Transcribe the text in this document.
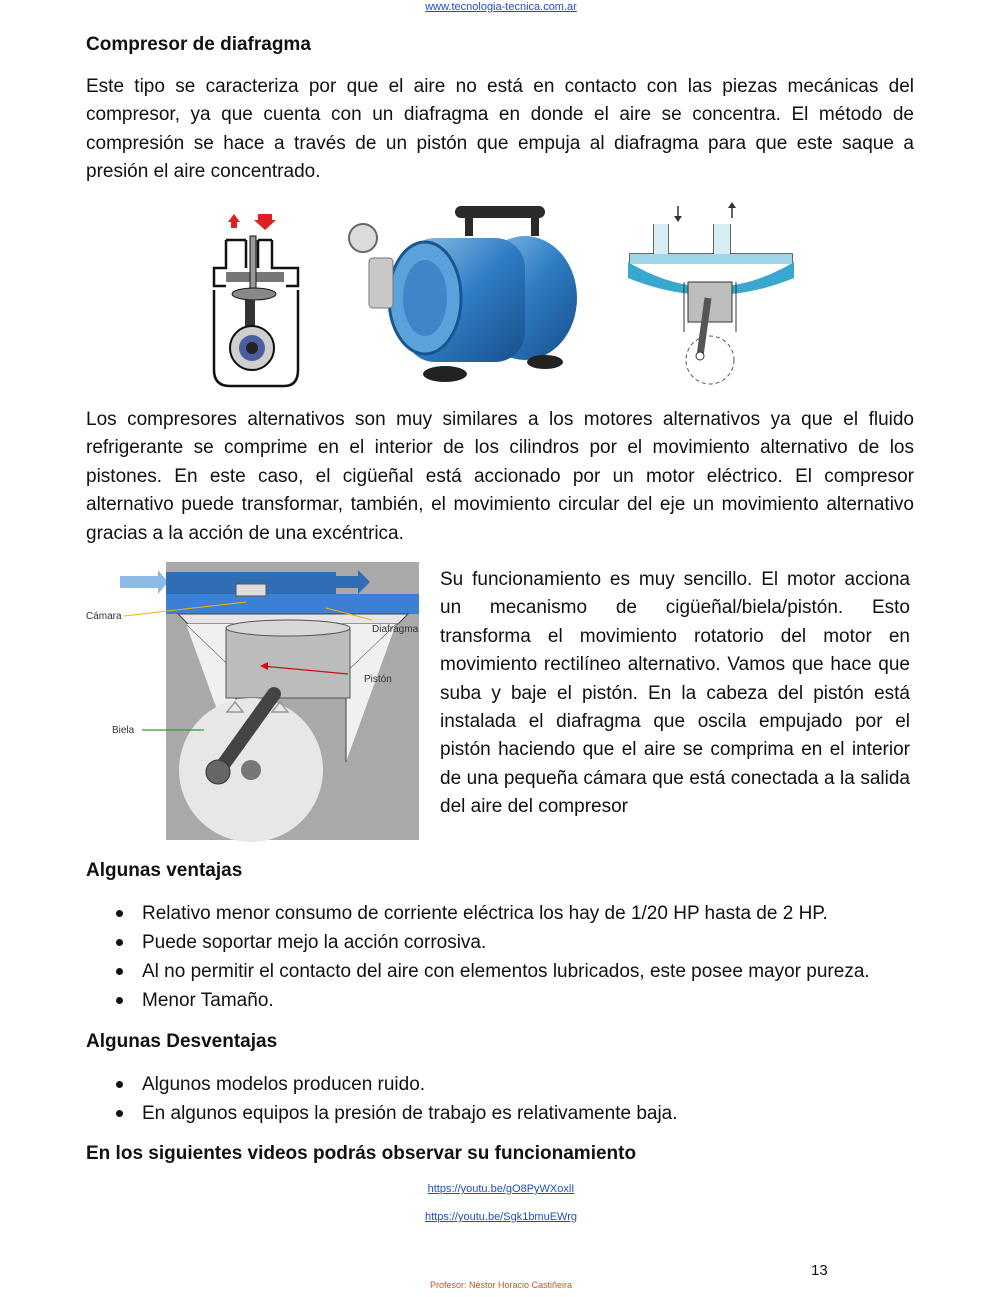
www.tecnologia-tecnica.com.ar
Compresor de diafragma

Este tipo se caracteriza por que el aire no está en contacto con las piezas mecánicas del compresor, ya que cuenta con un diafragma en donde el aire se concentra. El método de compresión se hace a través de un pistón que empuja al diafragma para que este saque a presión el aire concentrado.

Los compresores alternativos son muy similares a los motores alternativos ya que el fluido refrigerante se comprime en el interior de los cilindros por el movimiento alternativo de los pistones. En este caso, el cigüeñal está accionado por un motor eléctrico. El compresor alternativo puede transformar, también, el movimiento circular del eje un movimiento alternativo gracias a la acción de una excéntrica.

Cámara
Diafragma
Pistón
Biela

Su funcionamiento es muy sencillo. El motor acciona un mecanismo de cigüeñal/biela/pistón. Esto transforma el movimiento rotatorio del motor en movimiento rectilíneo alternativo. Vamos que hace que suba y baje el pistón. En la cabeza del pistón está instalada el diafragma que oscila empujado por el pistón haciendo que el aire se comprima en el interior de una pequeña cámara que está conectada a la salida del aire del compresor

Algunas ventajas
Relativo menor consumo de corriente eléctrica los hay de 1/20 HP hasta de 2 HP.
Puede soportar mejo la acción corrosiva.
Al no permitir el contacto del aire con elementos lubricados, este posee mayor pureza.
Menor Tamaño.
Algunas Desventajas
Algunos modelos producen ruido.
En algunos equipos la presión de trabajo es relativamente baja.
En los siguientes videos podrás observar su funcionamiento
https://youtu.be/gO8PyWXoxlI
https://youtu.be/Sgk1bmuEWrg
13
Profesor: Néstor Horacio Castiñeira
